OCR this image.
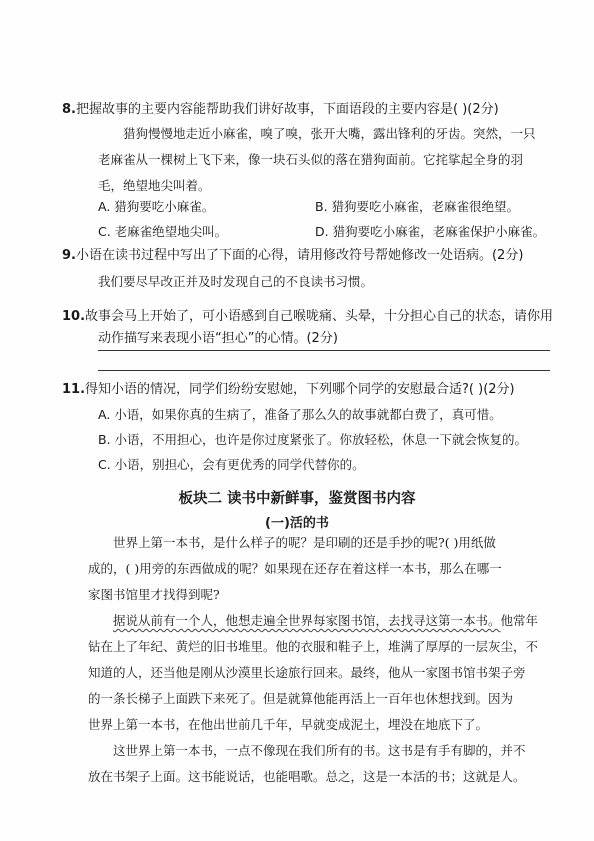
8.把握故事的主要内容能帮助我们讲好故事，下面语段的主要内容是( )(2分)
猎狗慢慢地走近小麻雀，嗅了嗅，张开大嘴，露出锋利的牙齿。突然，一只
老麻雀从一棵树上飞下来，像一块石头似的落在猎狗面前。它挓挲起全身的羽
毛，绝望地尖叫着。
A. 猎狗要吃小麻雀。	B. 猎狗要吃小麻雀，老麻雀很绝望。
C. 老麻雀绝望地尖叫。	D. 猎狗要吃小麻雀，老麻雀保护小麻雀。
9.小语在读书过程中写出了下面的心得，请用修改符号帮她修改一处语病。(2分)
我们要尽早改正并及时发现自己的不良读书习惯。
10.故事会马上开始了，可小语感到自己喉咙痛、头晕，十分担心自己的状态，请你用
动作描写来表现小语“担心”的心情。(2分)
11.得知小语的情况，同学们纷纷安慰她，下列哪个同学的安慰最合适?( )(2分)
A. 小语，如果你真的生病了，准备了那么久的故事就都白费了，真可惜。
B. 小语，不用担心，也许是你过度紧张了。你放轻松，休息一下就会恢复的。
C. 小语，别担心，会有更优秀的同学代替你的。
板块二 读书中新鲜事，鉴赏图书内容
(一)活的书
世界上第一本书，是什么样子的呢？是印刷的还是手抄的呢?( )用纸做
成的，( )用旁的东西做成的呢？如果现在还存在着这样一本书，那么在哪一
家图书馆里才找得到呢?
据说从前有一个人，他想走遍全世界每家图书馆，去找寻这第一本书。他常年
钻在上了年纪、黄烂的旧书堆里。他的衣服和鞋子上，堆满了厚厚的一层灰尘，不
知道的人，还当他是刚从沙漠里长途旅行回来。最终，他从一家图书馆书架子旁
的一条长梯子上面跌下来死了。但是就算他能再活上一百年也休想找到。因为
世界上第一本书，在他出世前几千年，早就变成泥土，埋没在地底下了。
这世界上第一本书，一点不像现在我们所有的书。这书是有手有脚的，并不
放在书架子上面。这书能说话，也能唱歌。总之，这是一本活的书；这就是人。
